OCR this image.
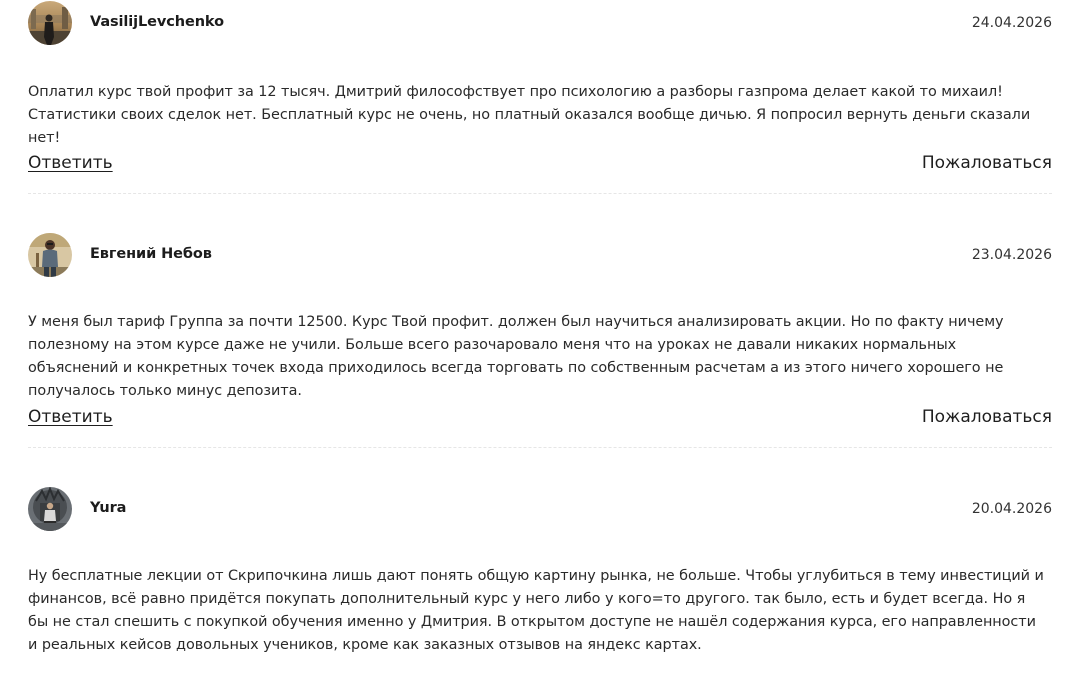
VasilijLevchenko	24.04.2026
Оплатил курс твой профит за 12 тысяч. Дмитрий философствует про психологию а разборы газпрома делает какой то михаил! Статистики своих сделок нет. Бесплатный курс не очень, но платный оказался вообще дичью. Я попросил вернуть деньги сказали нет!
Ответить	Пожаловаться
Евгений Небов	23.04.2026
У меня был тариф Группа за почти 12500. Курс Твой профит. должен был научиться анализировать акции. Но по факту ничему полезному на этом курсе даже не учили. Больше всего разочаровало меня что на уроках не давали никаких нормальных объяснений и конкретных точек входа приходилось всегда торговать по собственным расчетам а из этого ничего хорошего не получалось только минус депозита.
Ответить	Пожаловаться
Yura	20.04.2026
Ну бесплатные лекции от Скрипочкина лишь дают понять общую картину рынка, не больше. Чтобы углубиться в тему инвестиций и финансов, всё равно придётся покупать дополнительный курс у него либо у кого=то другого. так было, есть и будет всегда. Но я бы не стал спешить с покупкой обучения именно у Дмитрия. В открытом доступе не нашёл содержания курса, его направленности и реальных кейсов довольных учеников, кроме как заказных отзывов на яндекс картах.
